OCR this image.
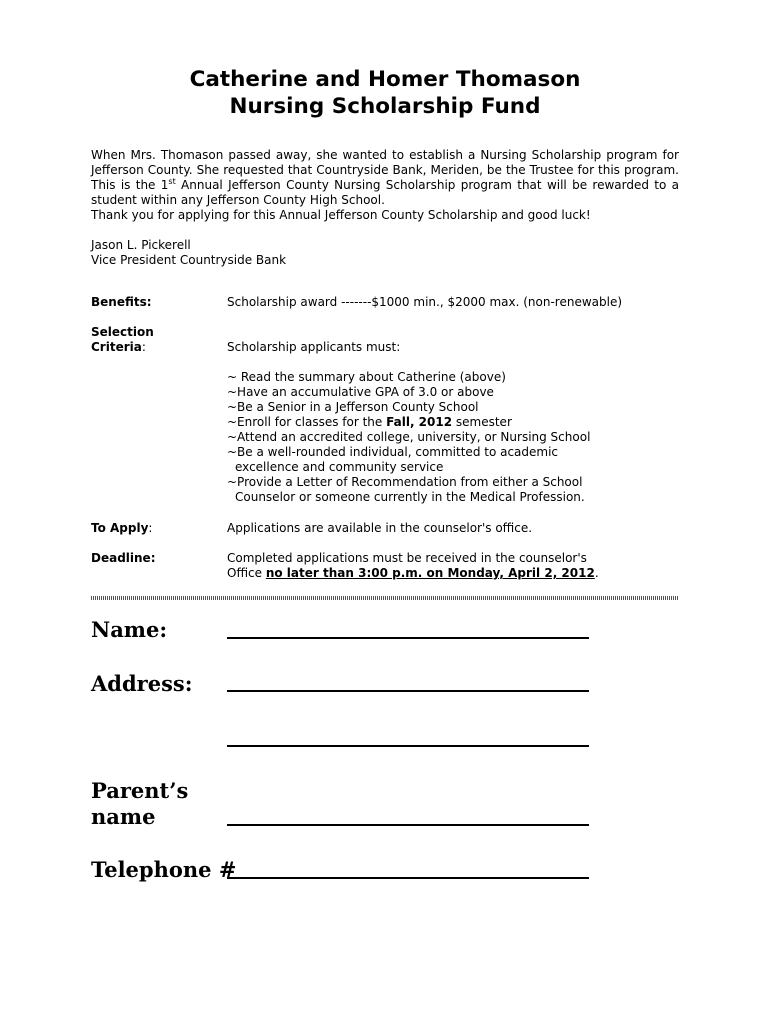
Catherine and Homer Thomason
Nursing Scholarship Fund

When Mrs. Thomason passed away, she wanted to establish a Nursing Scholarship program for Jefferson County. She requested that Countryside Bank, Meriden, be the Trustee for this program. This is the 1st Annual Jefferson County Nursing Scholarship program that will be rewarded to a student within any Jefferson County High School.

Thank you for applying for this Annual Jefferson County Scholarship and good luck!

Jason L. Pickerell
Vice President Countryside Bank
Benefits:	Scholarship award -------$1000 min., $2000 max. (non-renewable)
Selection
Criteria:	Scholarship applicants must:
~ Read the summary about Catherine (above)
~Have an accumulative GPA of 3.0 or above
~Be a Senior in a Jefferson County School
~Enroll for classes for the Fall, 2012 semester
~Attend an accredited college, university, or Nursing School
~Be a well-rounded individual, committed to academic
excellence and community service
~Provide a Letter of Recommendation from either a School
Counselor or someone currently in the Medical Profession.
To Apply:	Applications are available in the counselor's office.
Deadline:	Completed applications must be received in the counselor's
Office no later than 3:00 p.m. on Monday, April 2, 2012.
Name:
Address:
Parent’s
name
Telephone #
